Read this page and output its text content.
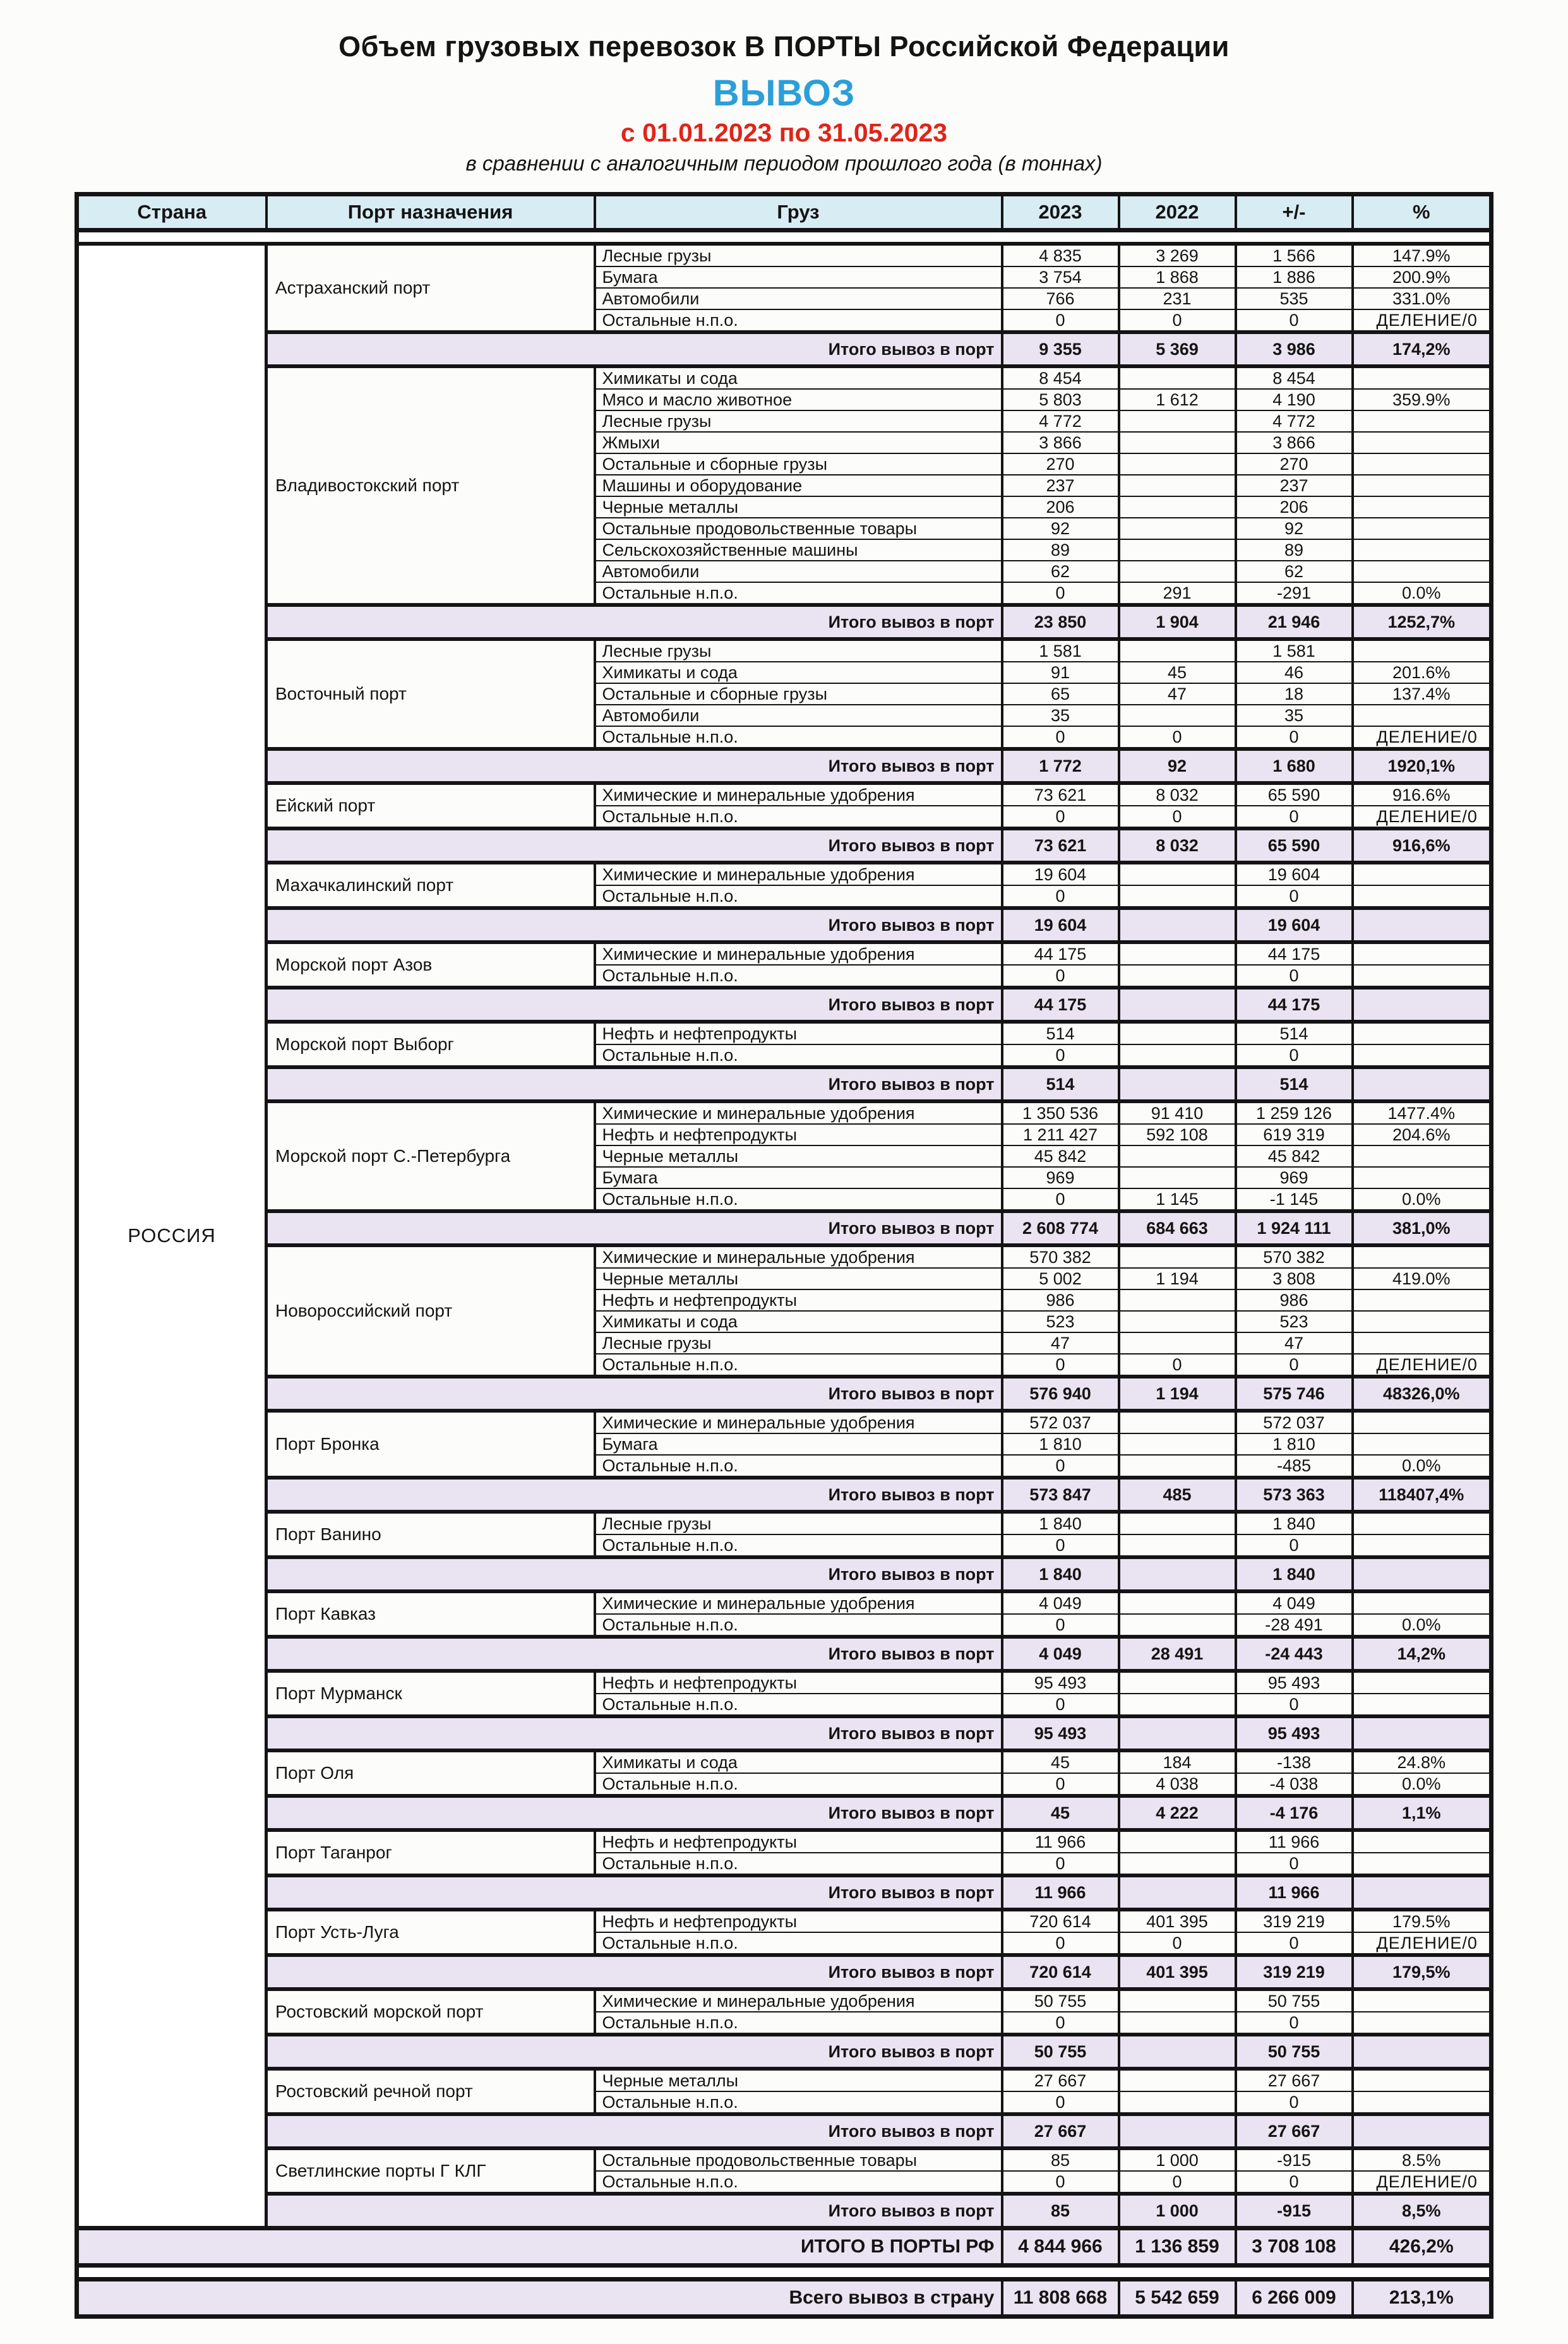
Объем грузовых перевозок В ПОРТЫ Российской Федерации
ВЫВОЗ
с 01.01.2023 по 31.05.2023
в сравнении с аналогичным периодом прошлого года (в тоннах)
Страна	Порт назначения	Груз	2023	2022	+/-	%

РОССИЯ	Астраханский порт	Лесные грузы	4 835	3 269	1 566	147.9%
		Бумага	3 754	1 868	1 886	200.9%
		Автомобили	766	231	535	331.0%
		Остальные н.п.о.	0	0	0	ДЕЛЕНИЕ/0
	Итого вывоз в порт		9 355	5 369	3 986	174,2%
	Владивостокский порт	Химикаты и сода	8 454		8 454	
		Мясо и масло животное	5 803	1 612	4 190	359.9%
		Лесные грузы	4 772		4 772	
		Жмыхи	3 866		3 866	
		Остальные и сборные грузы	270		270	
		Машины и оборудование	237		237	
		Черные металлы	206		206	
		Остальные продовольственные товары	92		92	
		Сельскохозяйственные машины	89		89	
		Автомобили	62		62	
		Остальные н.п.о.	0	291	-291	0.0%
	Итого вывоз в порт		23 850	1 904	21 946	1252,7%
	Восточный порт	Лесные грузы	1 581		1 581	
		Химикаты и сода	91	45	46	201.6%
		Остальные и сборные грузы	65	47	18	137.4%
		Автомобили	35		35	
		Остальные н.п.о.	0	0	0	ДЕЛЕНИЕ/0
	Итого вывоз в порт		1 772	92	1 680	1920,1%
	Ейский порт	Химические и минеральные удобрения	73 621	8 032	65 590	916.6%
		Остальные н.п.о.	0	0	0	ДЕЛЕНИЕ/0
	Итого вывоз в порт		73 621	8 032	65 590	916,6%
	Махачкалинский порт	Химические и минеральные удобрения	19 604		19 604	
		Остальные н.п.о.	0		0	
	Итого вывоз в порт		19 604		19 604	
	Морской порт Азов	Химические и минеральные удобрения	44 175		44 175	
		Остальные н.п.о.	0		0	
	Итого вывоз в порт		44 175		44 175	
	Морской порт Выборг	Нефть и нефтепродукты	514		514	
		Остальные н.п.о.	0		0	
	Итого вывоз в порт		514		514	
	Морской порт С.-Петербурга	Химические и минеральные удобрения	1 350 536	91 410	1 259 126	1477.4%
		Нефть и нефтепродукты	1 211 427	592 108	619 319	204.6%
		Черные металлы	45 842		45 842	
		Бумага	969		969	
		Остальные н.п.о.	0	1 145	-1 145	0.0%
	Итого вывоз в порт		2 608 774	684 663	1 924 111	381,0%
	Новороссийский порт	Химические и минеральные удобрения	570 382		570 382	
		Черные металлы	5 002	1 194	3 808	419.0%
		Нефть и нефтепродукты	986		986	
		Химикаты и сода	523		523	
		Лесные грузы	47		47	
		Остальные н.п.о.	0	0	0	ДЕЛЕНИЕ/0
	Итого вывоз в порт		576 940	1 194	575 746	48326,0%
	Порт Бронка	Химические и минеральные удобрения	572 037		572 037	
		Бумага	1 810		1 810	
		Остальные н.п.о.	0		-485	0.0%
	Итого вывоз в порт		573 847	485	573 363	118407,4%
	Порт Ванино	Лесные грузы	1 840		1 840	
		Остальные н.п.о.	0		0	
	Итого вывоз в порт		1 840		1 840	
	Порт Кавказ	Химические и минеральные удобрения	4 049		4 049	
		Остальные н.п.о.	0		-28 491	0.0%
	Итого вывоз в порт		4 049	28 491	-24 443	14,2%
	Порт Мурманск	Нефть и нефтепродукты	95 493		95 493	
		Остальные н.п.о.	0		0	
	Итого вывоз в порт		95 493		95 493	
	Порт Оля	Химикаты и сода	45	184	-138	24.8%
		Остальные н.п.о.	0	4 038	-4 038	0.0%
	Итого вывоз в порт		45	4 222	-4 176	1,1%
	Порт Таганрог	Нефть и нефтепродукты	11 966		11 966	
		Остальные н.п.о.	0		0	
	Итого вывоз в порт		11 966		11 966	
	Порт Усть-Луга	Нефть и нефтепродукты	720 614	401 395	319 219	179.5%
		Остальные н.п.о.	0	0	0	ДЕЛЕНИЕ/0
	Итого вывоз в порт		720 614	401 395	319 219	179,5%
	Ростовский морской порт	Химические и минеральные удобрения	50 755		50 755	
		Остальные н.п.о.	0		0	
	Итого вывоз в порт		50 755		50 755	
	Ростовский речной порт	Черные металлы	27 667		27 667	
		Остальные н.п.о.	0		0	
	Итого вывоз в порт		27 667		27 667	
	Светлинские порты Г КЛГ	Остальные продовольственные товары	85	1 000	-915	8.5%
		Остальные н.п.о.	0	0	0	ДЕЛЕНИЕ/0
	Итого вывоз в порт		85	1 000	-915	8,5%
ИТОГО В ПОРТЫ РФ			4 844 966	1 136 859	3 708 108	426,2%

Всего вывоз в страну			11 808 668	5 542 659	6 266 009	213,1%
